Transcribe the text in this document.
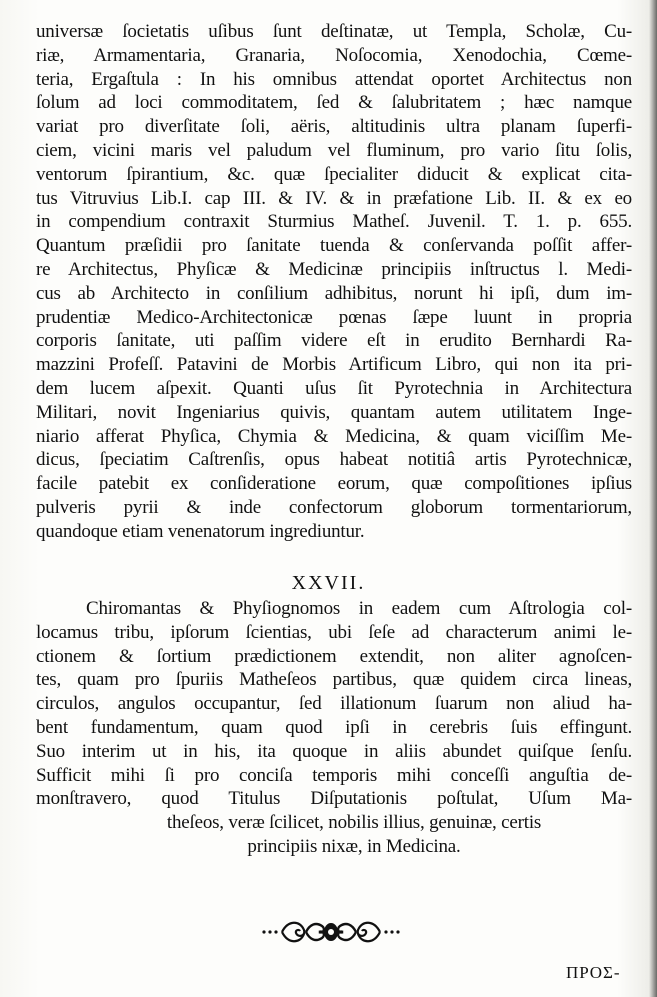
universæ ſocietatis uſibus ſunt deſtinatæ, ut Templa, Scholæ, Cu-
riæ, Armamentaria, Granaria, Noſocomia, Xenodochia, Cœme-
teria, Ergaſtula : In his omnibus attendat oportet Architectus non
ſolum ad loci commoditatem, ſed & ſalubritatem ; hæc namque
variat pro diverſitate ſoli, aëris, altitudinis ultra planam ſuperfi-
ciem, vicini maris vel paludum vel fluminum, pro vario ſitu ſolis,
ventorum ſpirantium, &c. quæ ſpecialiter diducit & explicat cita-
tus Vitruvius Lib.I. cap III. & IV. & in præfatione Lib. II. & ex eo
in compendium contraxit Sturmius Matheſ. Juvenil. T. 1. p. 655.
Quantum præſidii pro ſanitate tuenda & conſervanda poſſit affer-
re Architectus, Phyſicæ & Medicinæ principiis inſtructus l. Medi-
cus ab Architecto in conſilium adhibitus, norunt hi ipſi, dum im-
prudentiæ Medico-Architectonicæ pœnas ſæpe luunt in propria
corporis ſanitate, uti paſſim videre eſt in erudito Bernhardi Ra-
mazzini Profeſſ. Patavini de Morbis Artificum Libro, qui non ita pri-
dem lucem aſpexit. Quanti uſus ſit Pyrotechnia in Architectura
Militari, novit Ingeniarius quivis, quantam autem utilitatem Inge-
niario afferat Phyſica, Chymia & Medicina, & quam viciſſim Me-
dicus, ſpeciatim Caſtrenſis, opus habeat notitiâ artis Pyrotechnicæ,
facile patebit ex conſideratione eorum, quæ compoſitiones ipſius
pulveris pyrii & inde confectorum globorum tormentariorum,
quandoque etiam venenatorum ingrediuntur.
XXVII.
Chiromantas & Phyſiognomos in eadem cum Aſtrologia col-
locamus tribu, ipſorum ſcientias, ubi ſeſe ad characterum animi le-
ctionem & ſortium prædictionem extendit, non aliter agnoſcen-
tes, quam pro ſpuriis Matheſeos partibus, quæ quidem circa lineas,
circulos, angulos occupantur, ſed illationum ſuarum non aliud ha-
bent fundamentum, quam quod ipſi in cerebris ſuis effingunt.
Suo interim ut in his, ita quoque in aliis abundet quiſque ſenſu.
Sufficit mihi ſi pro conciſa temporis mihi conceſſi anguſtia de-
monſtravero, quod Titulus Diſputationis poſtulat, Uſum Ma-
theſeos, veræ ſcilicet, nobilis illius, genuinæ, certis
principiis nixæ, in Medicina.
ΠΡΟΣ-
